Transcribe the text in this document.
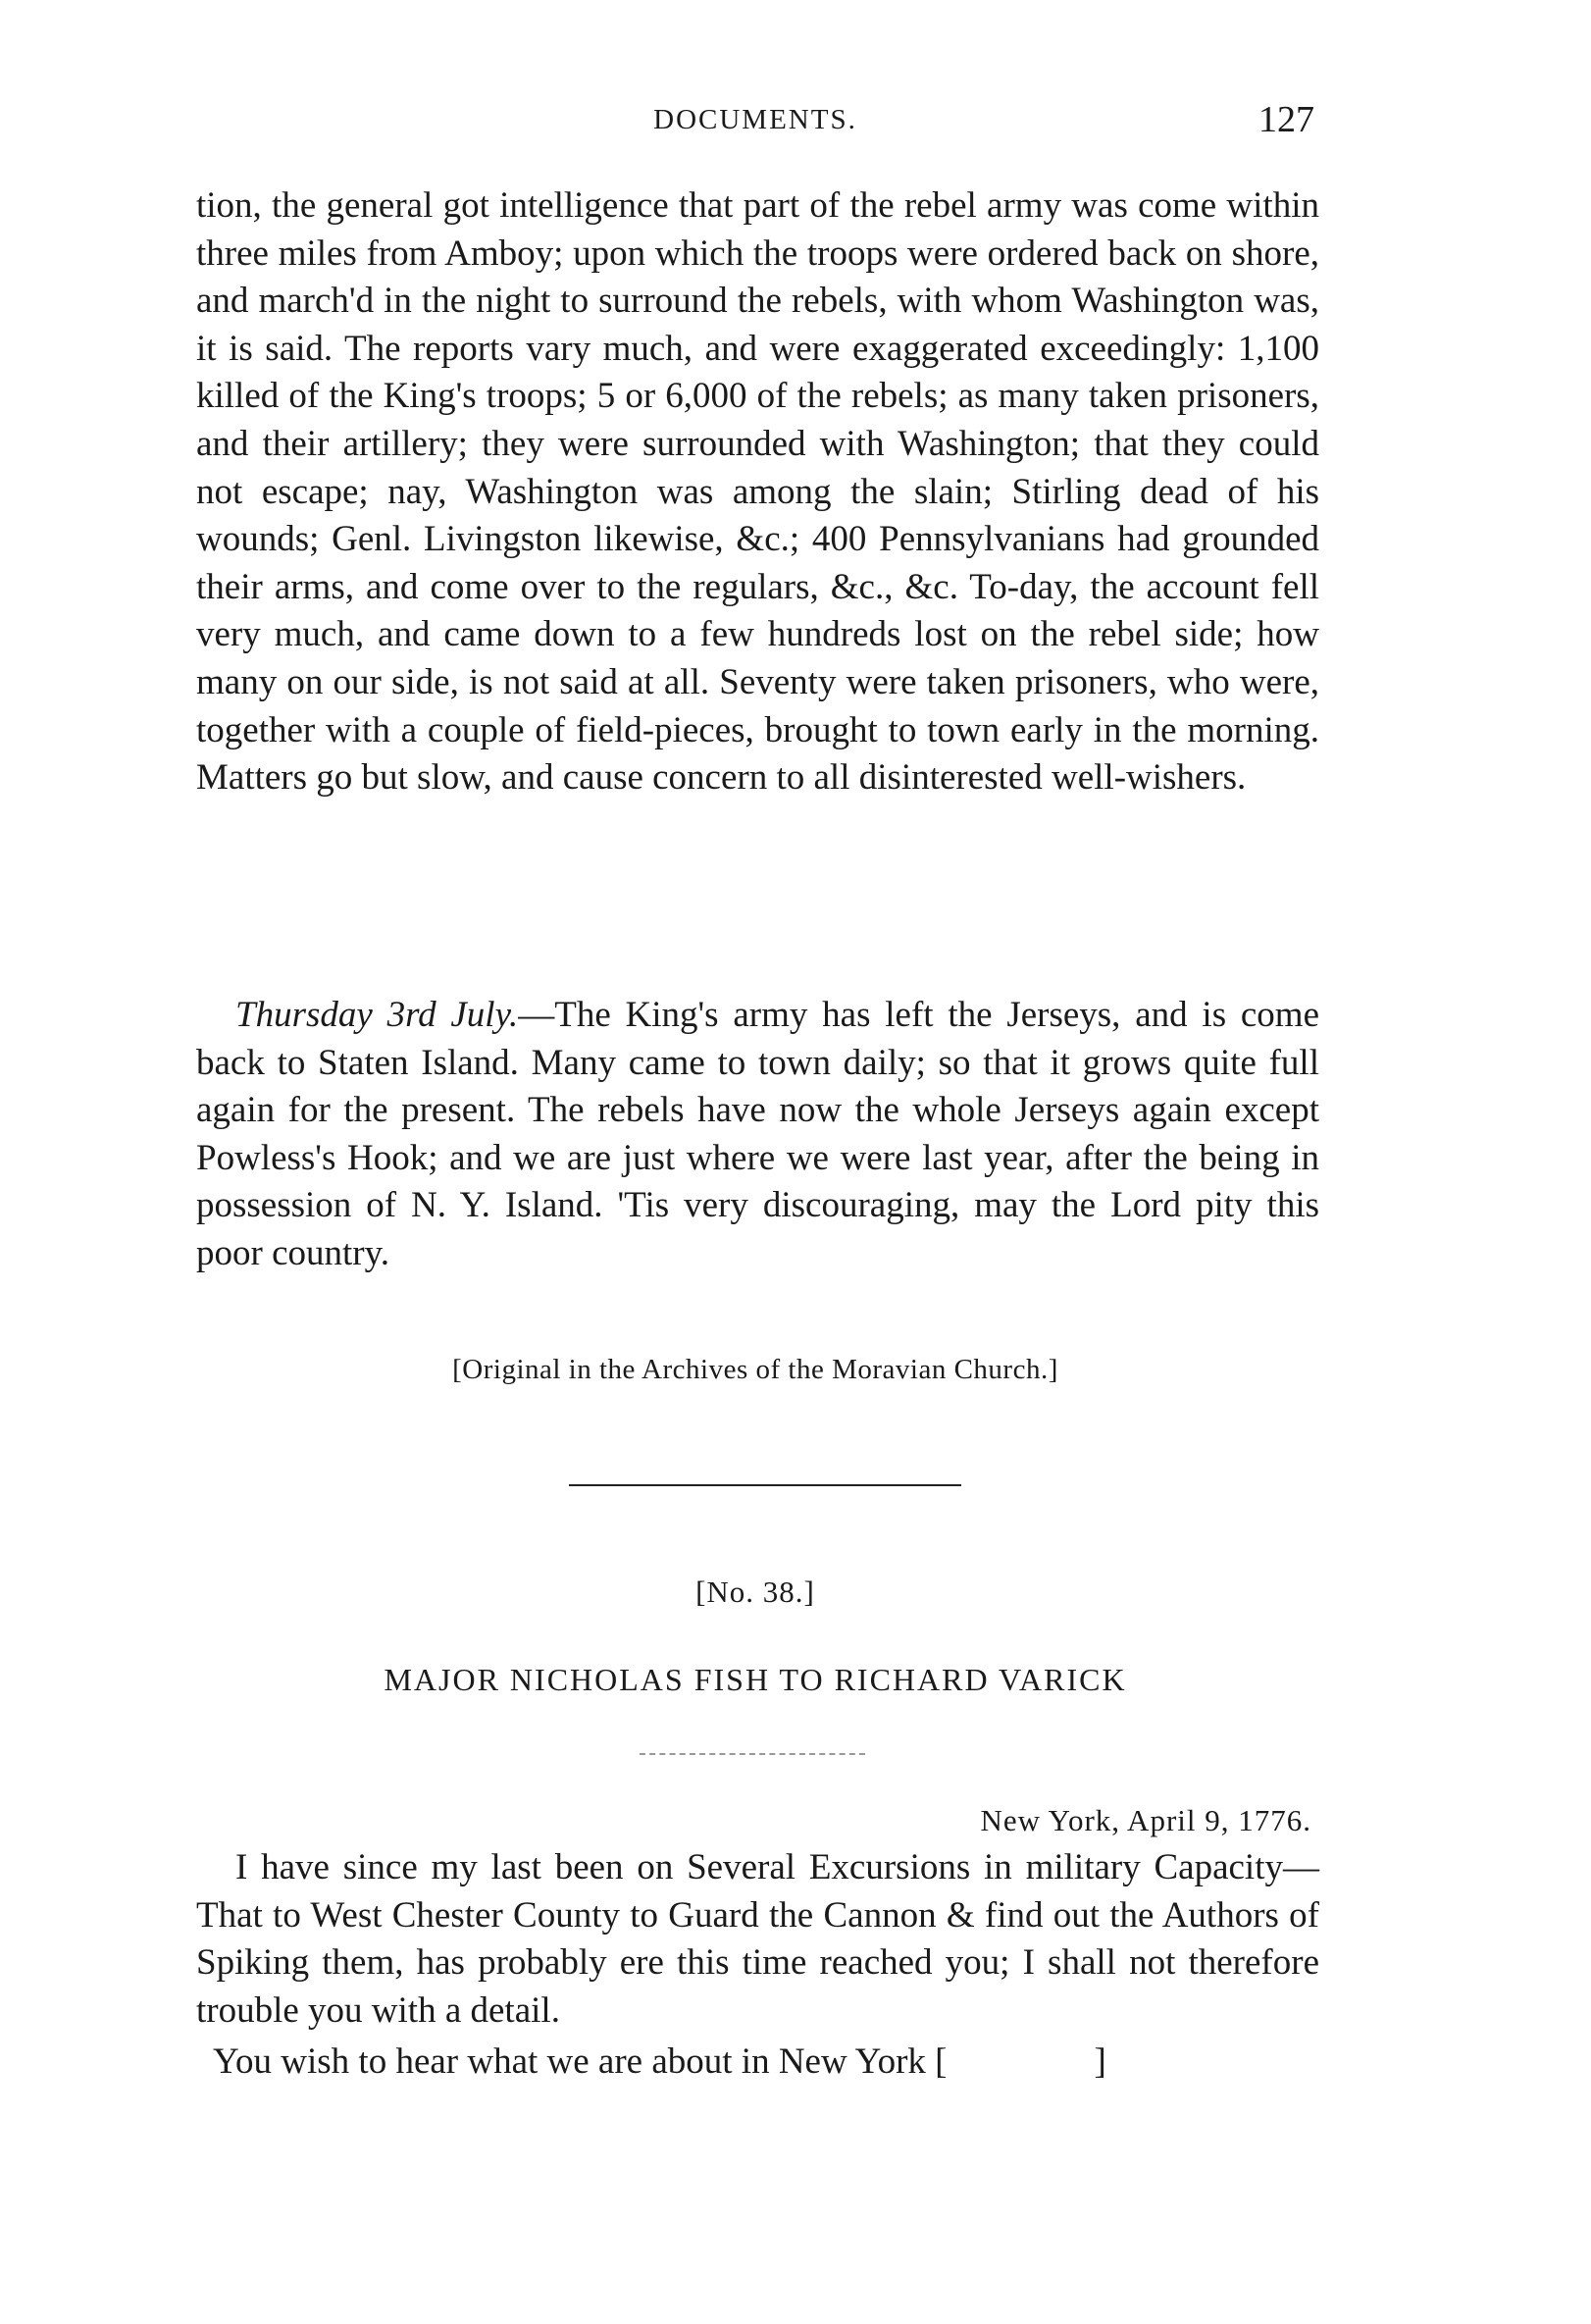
DOCUMENTS.	127

tion, the general got intelligence that part of the rebel army was come within three miles from Amboy; upon which the troops were ordered back on shore, and march'd in the night to surround the rebels, with whom Washington was, it is said. The reports vary much, and were exaggerated exceedingly: 1,100 killed of the King's troops; 5 or 6,000 of the rebels; as many taken prisoners, and their artillery; they were surrounded with Washington; that they could not escape; nay, Washington was among the slain; Stirling dead of his wounds; Genl. Livingston likewise, &c.; 400 Pennsylvanians had grounded their arms, and come over to the regulars, &c., &c. To-day, the account fell very much, and came down to a few hundreds lost on the rebel side; how many on our side, is not said at all. Seventy were taken prisoners, who were, together with a couple of field-pieces, brought to town early in the morning. Matters go but slow, and cause concern to all disinterested well-wishers.

Thursday 3rd July.—The King's army has left the Jerseys, and is come back to Staten Island. Many came to town daily; so that it grows quite full again for the present. The rebels have now the whole Jerseys again except Powless's Hook; and we are just where we were last year, after the being in possession of N. Y. Island. 'Tis very discouraging, may the Lord pity this poor country.

[Original in the Archives of the Moravian Church.]
[No. 38.]
MAJOR NICHOLAS FISH TO RICHARD VARICK
New York, April 9, 1776.

I have since my last been on Several Excursions in military Capacity—That to West Chester County to Guard the Cannon & find out the Authors of Spiking them, has probably ere this time reached you; I shall not therefore trouble you with a detail.

You wish to hear what we are about in New York [	]
